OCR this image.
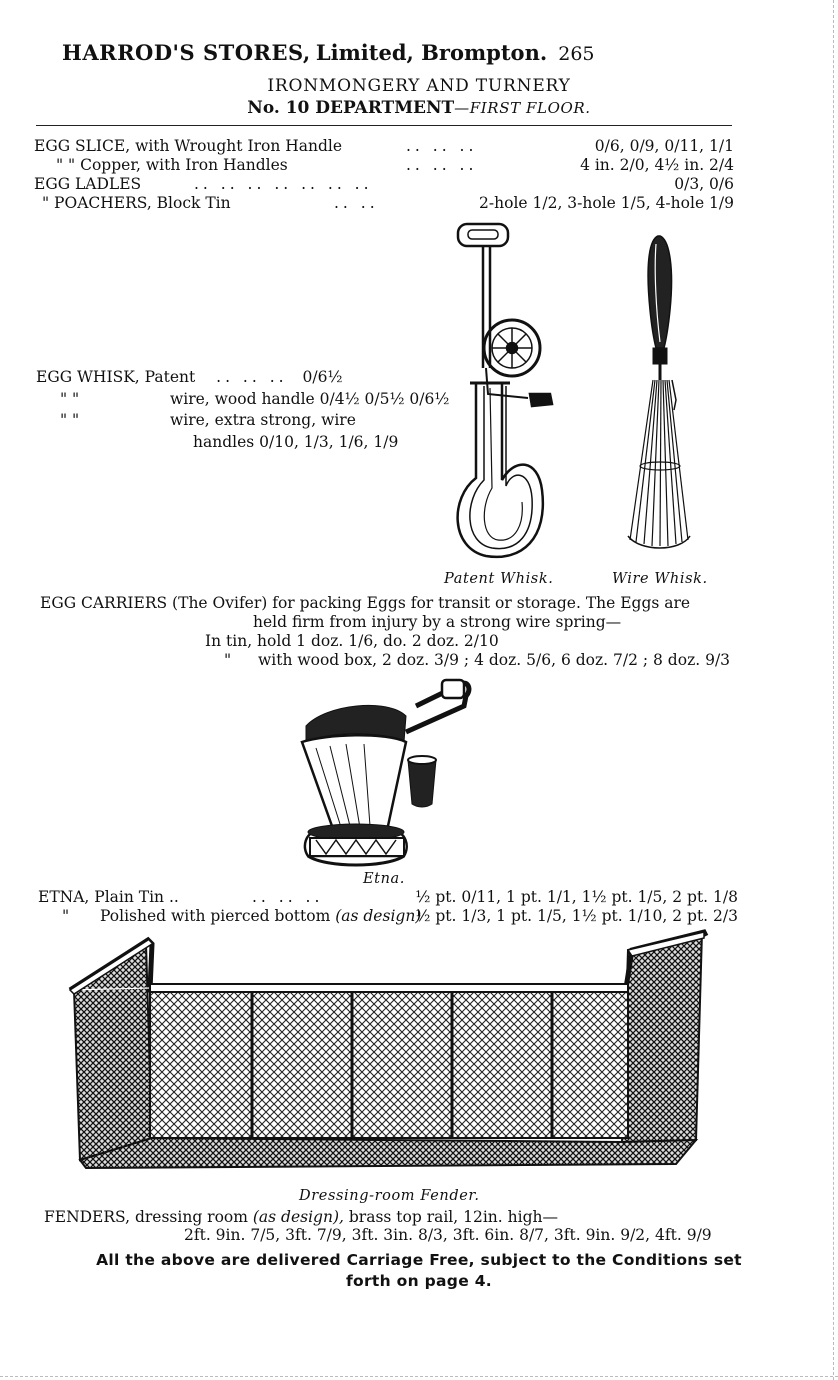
HARROD'S STORES, Limited, Brompton. 265
IRONMONGERY AND TURNERY
No. 10 DEPARTMENT—FIRST FLOOR.
EGG SLICE, with Wrought Iron Handle	.. .. ..	0/6, 0/9, 0/11, 1/1
" " Copper, with Iron Handles	.. .. ..	4 in. 2/0, 4½ in. 2/4
EGG LADLES	.. .. .. .. .. .. ..	0/3, 0/6
" POACHERS, Block Tin	.. ..	2-hole 1/2, 3-hole 1/5, 4-hole 1/9
EGG WHISK, Patent .. .. .. 0/6½
" "	wire, wood handle 0/4½ 0/5½ 0/6½
" "	wire, extra strong, wire
handles 0/10, 1/3, 1/6, 1/9
Patent Whisk.	Wire Whisk.
EGG CARRIERS (The Ovifer) for packing Eggs for transit or storage. The Eggs are
held firm from injury by a strong wire spring—
In tin, hold 1 doz. 1/6, do. 2 doz. 2/10
" with wood box, 2 doz. 3/9 ; 4 doz. 5/6, 6 doz. 7/2 ; 8 doz. 9/3
Etna.
ETNA, Plain Tin ..	.. .. ..	½ pt. 0/11, 1 pt. 1/1, 1½ pt. 1/5, 2 pt. 1/8
" Polished with pierced bottom (as design)
½ pt. 1/3, 1 pt. 1/5, 1½ pt. 1/10, 2 pt. 2/3
Dressing-room Fender.
FENDERS, dressing room (as design), brass top rail, 12in. high—
2ft. 9in. 7/5, 3ft. 7/9, 3ft. 3in. 8/3, 3ft. 6in. 8/7, 3ft. 9in. 9/2, 4ft. 9/9
All the above are delivered Carriage Free, subject to the Conditions set forth on page 4.
